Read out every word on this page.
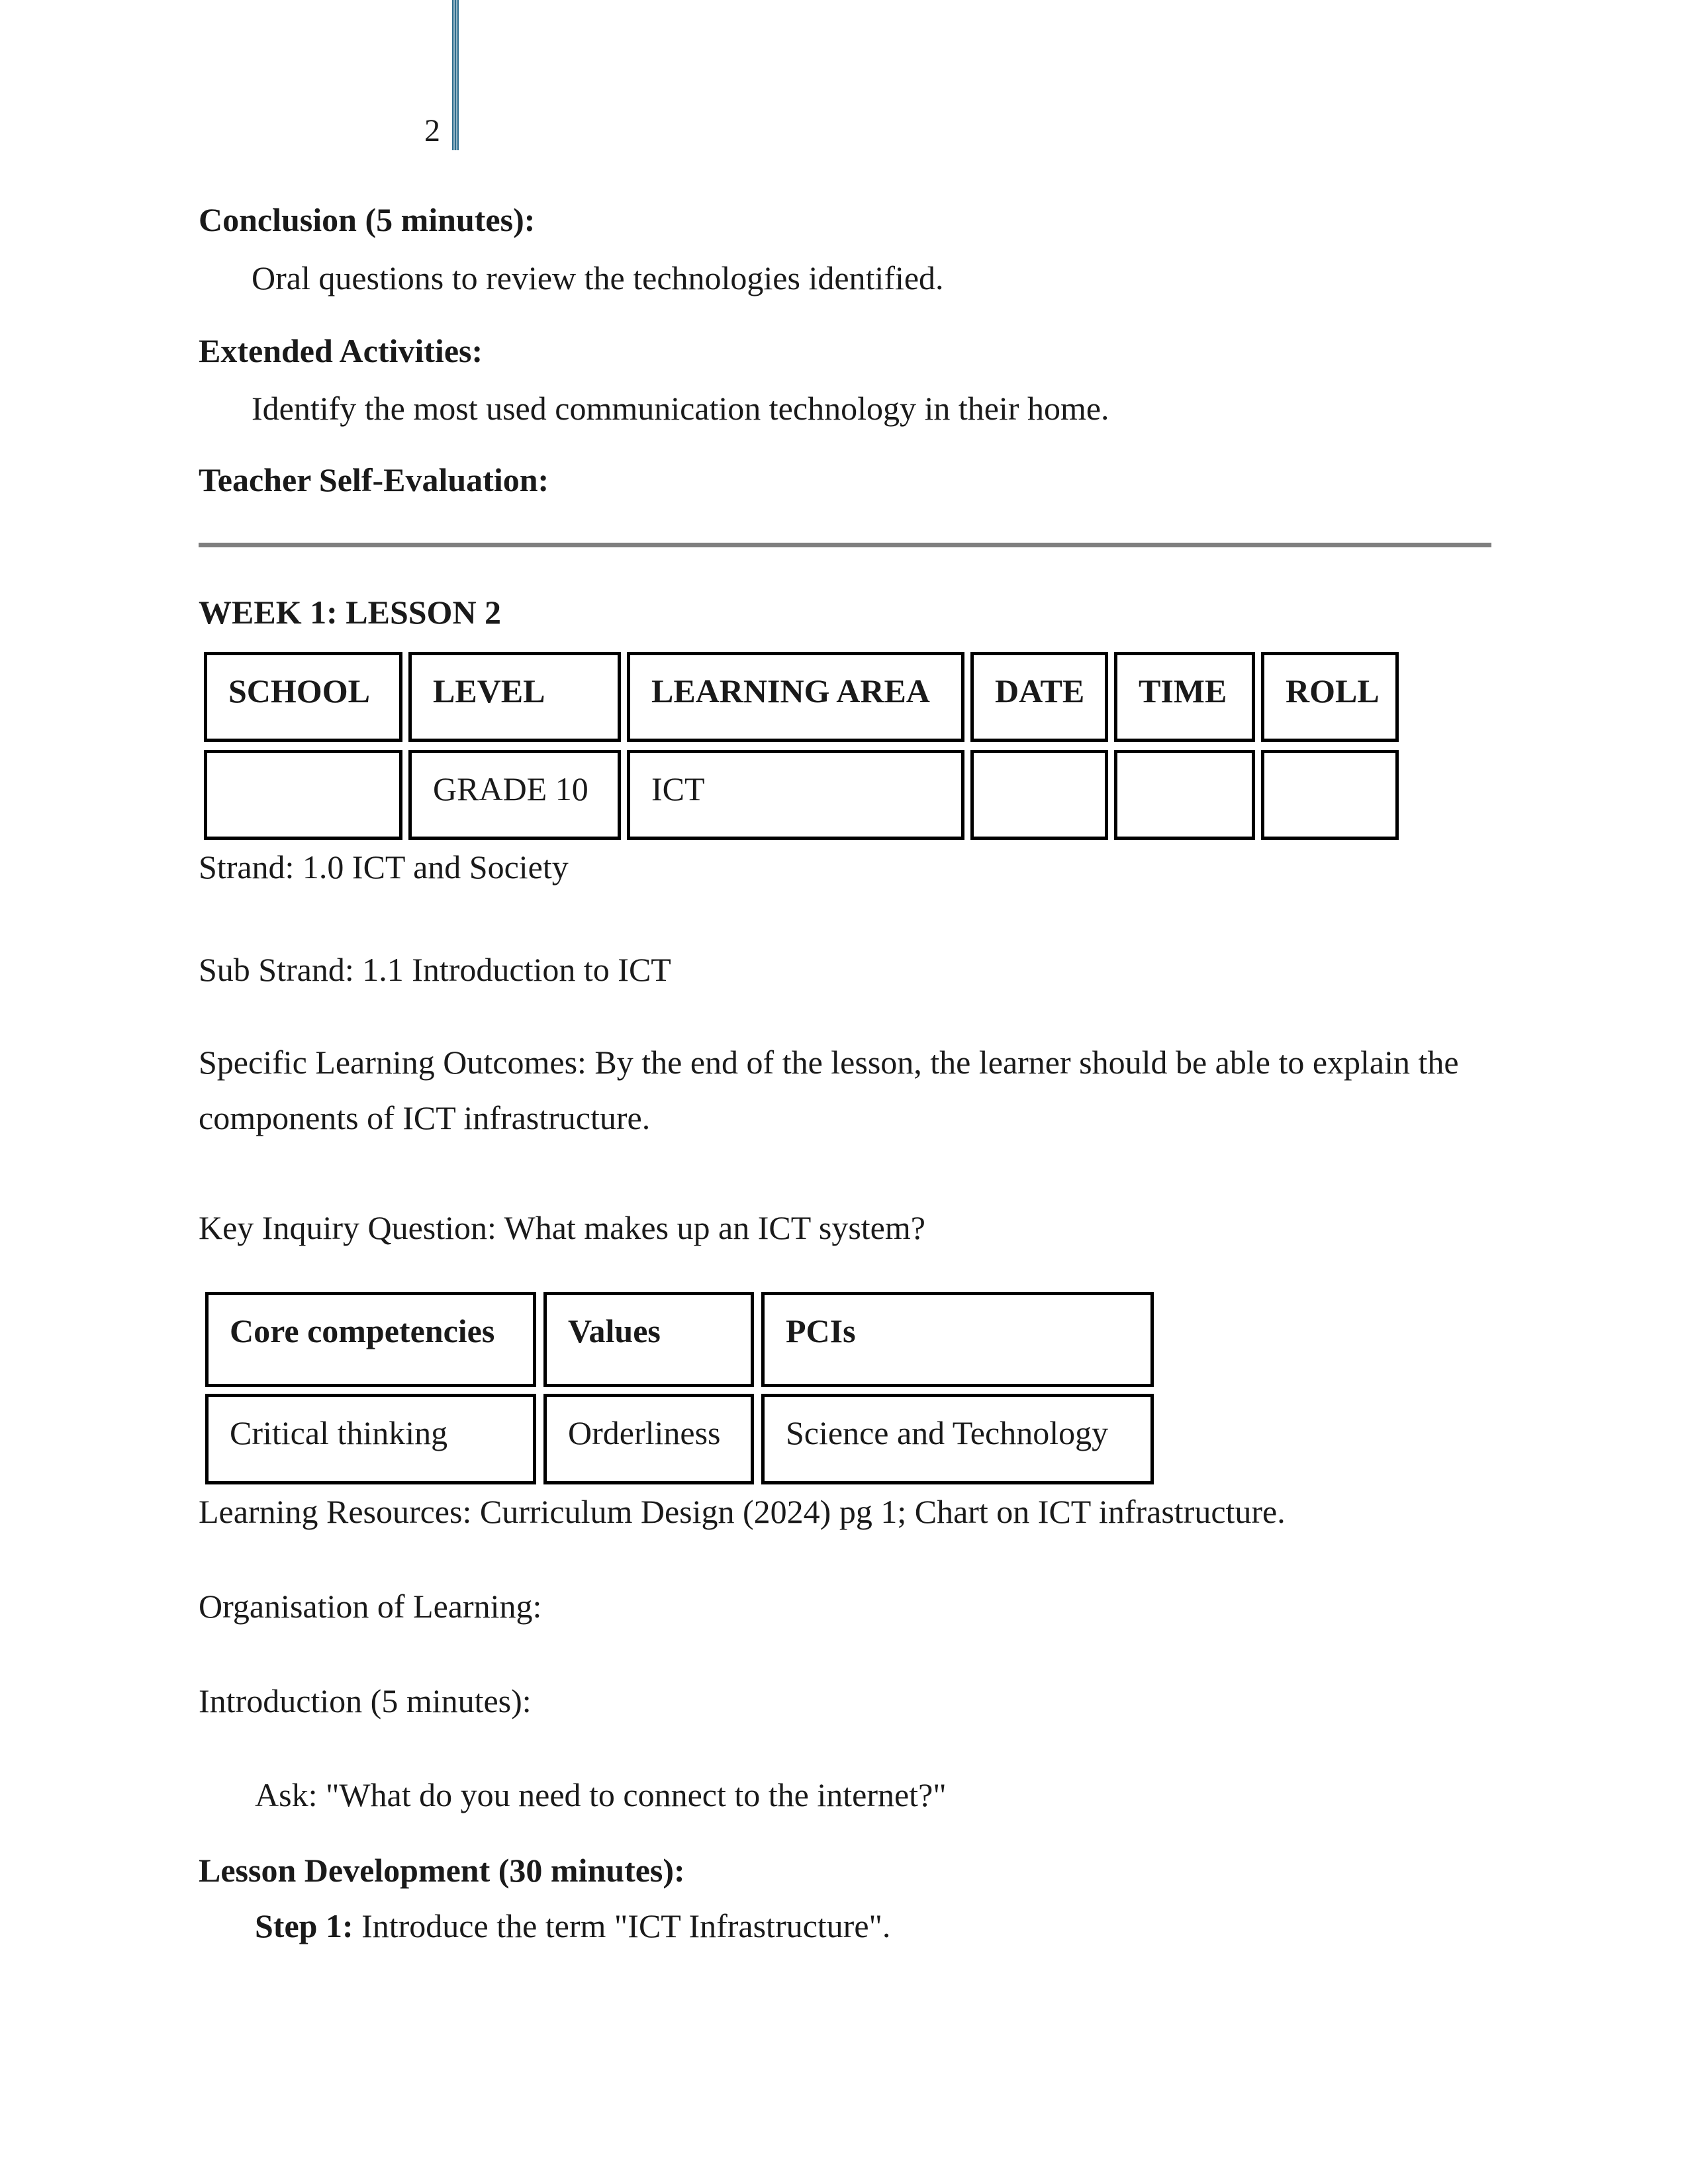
2
Conclusion (5 minutes):
Oral questions to review the technologies identified.
Extended Activities:
Identify the most used communication technology in their home.
Teacher Self-Evaluation:
WEEK 1: LESSON 2
SCHOOL	LEVEL	LEARNING AREA	DATE	TIME	ROLL
	GRADE 10	ICT			
Strand: 1.0 ICT and Society
Sub Strand: 1.1 Introduction to ICT
Specific Learning Outcomes: By the end of the lesson, the learner should be able to explain the components of ICT infrastructure.
Key Inquiry Question: What makes up an ICT system?
Core competencies	Values	PCIs
Critical thinking	Orderliness	Science and Technology
Learning Resources: Curriculum Design (2024) pg 1; Chart on ICT infrastructure.
Organisation of Learning:
Introduction (5 minutes):
Ask: "What do you need to connect to the internet?"
Lesson Development (30 minutes):
Step 1: Introduce the term "ICT Infrastructure".
